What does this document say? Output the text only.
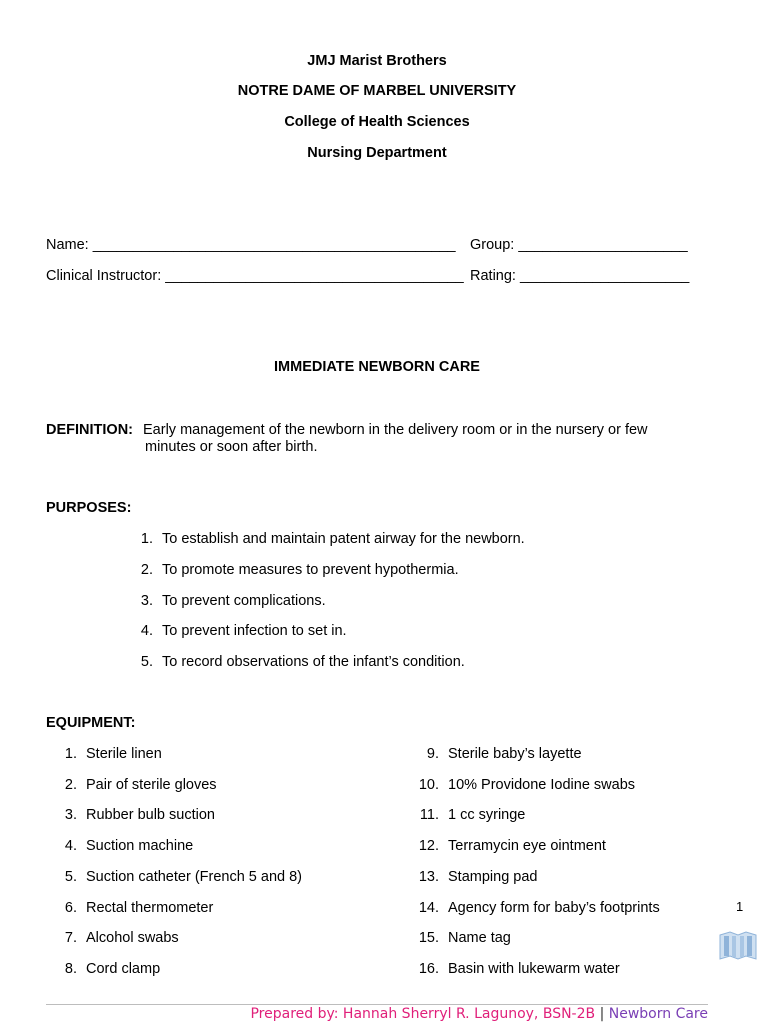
JMJ Marist Brothers
NOTRE DAME OF MARBEL UNIVERSITY
College of Health Sciences
Nursing Department
Name: _____________________________________________ Group: _____________________
Clinical Instructor: _____________________________________ Rating: _____________________
IMMEDIATE NEWBORN CARE
DEFINITION: Early management of the newborn in the delivery room or in the nursery or few
minutes or soon after birth.
PURPOSES:
1. To establish and maintain patent airway for the newborn.
2. To promote measures to prevent hypothermia.
3. To prevent complications.
4. To prevent infection to set in.
5. To record observations of the infant’s condition.
EQUIPMENT:
1. Sterile linen
2. Pair of sterile gloves
3. Rubber bulb suction
4. Suction machine
5. Suction catheter (French 5 and 8)
6. Rectal thermometer
7. Alcohol swabs
8. Cord clamp
9. Sterile baby’s layette
10. 10% Providone Iodine swabs
11. 1 cc syringe
12. Terramycin eye ointment
13. Stamping pad
14. Agency form for baby’s footprints
15. Name tag
16. Basin with lukewarm water
1
Prepared by: Hannah Sherryl R. Lagunoy, BSN-2B | Newborn Care
